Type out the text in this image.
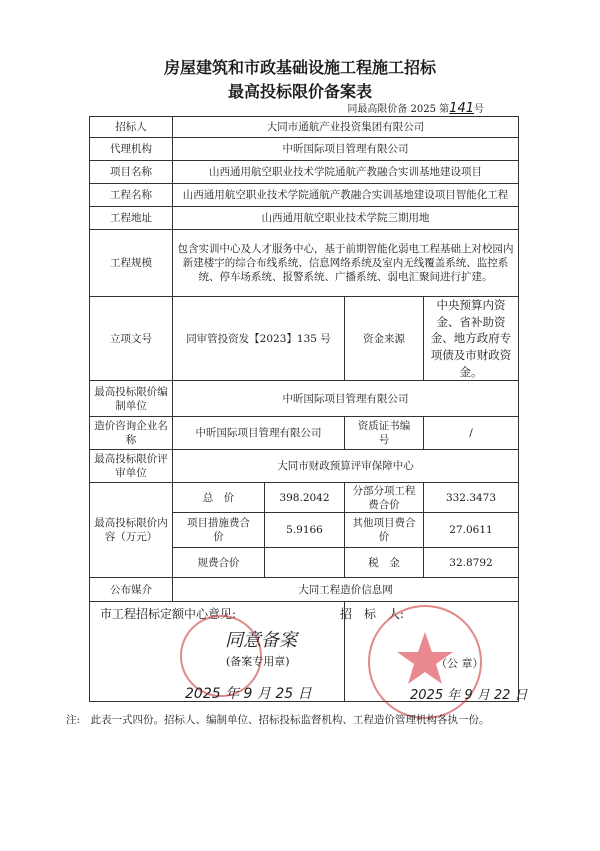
房屋建筑和市政基础设施工程施工招标
最高投标限价备案表
同最高限价备 2025 第141号
招标人	大同市通航产业投资集团有限公司			
代理机构	中昕国际项目管理有限公司			
项目名称	山西通用航空职业技术学院通航产教融合实训基地建设项目			
工程名称	山西通用航空职业技术学院通航产教融合实训基地建设项目智能化工程			
工程地址	山西通用航空职业技术学院三期用地			
工程规模	包含实训中心及人才服务中心，基于前期智能化弱电工程基础上对校园内新建楼宇的综合布线系统、信息网络系统及室内无线覆盖系统、监控系统、停车场系统、报警系统、广播系统、弱电汇聚间进行扩建。			
立项文号	同审管投资发【2023】135 号		资金来源	中央预算内资金、省补助资金、地方政府专项债及市财政资金。
最高投标限价编制单位	中昕国际项目管理有限公司			
造价咨询企业名称	中昕国际项目管理有限公司		资质证书编　　号	/
最高投标限价评审单位	大同市财政预算评审保障中心			
最高投标限价内容（万元）	总　价	398.2042	分部分项工程费合价	332.3473
	项目措施费合　价	5.9166	其他项目费合价	27.0611
	规费合价		税　金	32.8792
公布媒介	大同工程造价信息网			

市工程招标定额中心意见:
同意备案
(备案专用章)
2025 年 9 月 25 日
招　标　人:
（公 章）
2025 年 9 月 22 日
注:　此表一式四份。招标人、编制单位、招标投标监督机构、工程造价管理机构各执一份。
